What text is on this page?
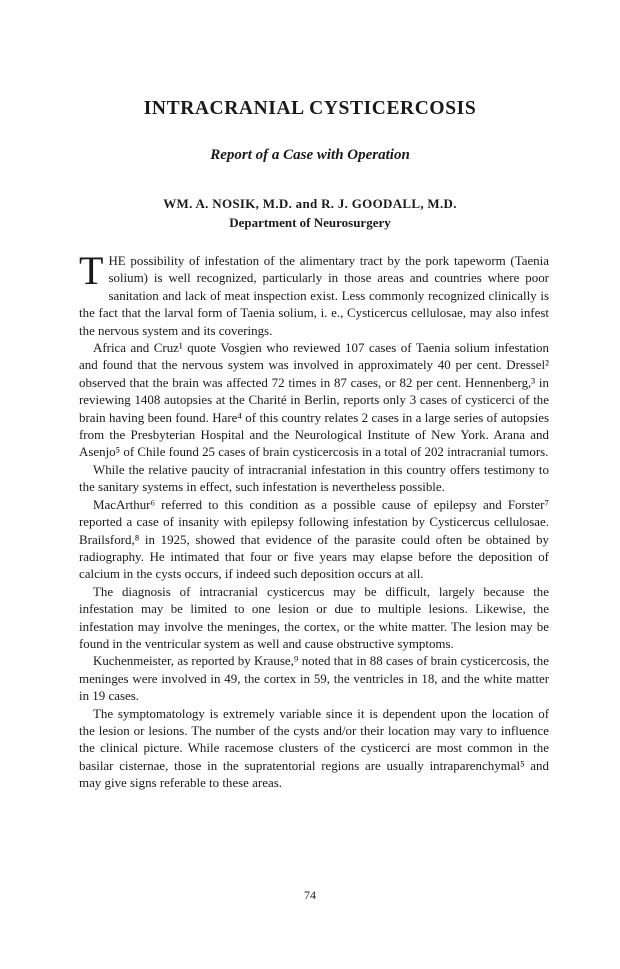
INTRACRANIAL CYSTICERCOSIS
Report of a Case with Operation
WM. A. NOSIK, M.D. and R. J. GOODALL, M.D.
Department of Neurosurgery

THE possibility of infestation of the alimentary tract by the pork tapeworm (Taenia solium) is well recognized, particularly in those areas and countries where poor sanitation and lack of meat inspection exist. Less commonly recognized clinically is the fact that the larval form of Taenia solium, i. e., Cysticercus cellulosae, may also infest the nervous system and its coverings.

Africa and Cruz¹ quote Vosgien who reviewed 107 cases of Taenia solium infestation and found that the nervous system was involved in approximately 40 per cent. Dressel² observed that the brain was affected 72 times in 87 cases, or 82 per cent. Hennenberg,³ in reviewing 1408 autopsies at the Charité in Berlin, reports only 3 cases of cysticerci of the brain having been found. Hare⁴ of this country relates 2 cases in a large series of autopsies from the Presbyterian Hospital and the Neurological Institute of New York. Arana and Asenjo⁵ of Chile found 25 cases of brain cysticercosis in a total of 202 intracranial tumors.

While the relative paucity of intracranial infestation in this country offers testimony to the sanitary systems in effect, such infestation is nevertheless possible.

MacArthur⁶ referred to this condition as a possible cause of epilepsy and Forster⁷ reported a case of insanity with epilepsy following infestation by Cysticercus cellulosae. Brailsford,⁸ in 1925, showed that evidence of the parasite could often be obtained by radiography. He intimated that four or five years may elapse before the deposition of calcium in the cysts occurs, if indeed such deposition occurs at all.

The diagnosis of intracranial cysticercus may be difficult, largely because the infestation may be limited to one lesion or due to multiple lesions. Likewise, the infestation may involve the meninges, the cortex, or the white matter. The lesion may be found in the ventricular system as well and cause obstructive symptoms.

Kuchenmeister, as reported by Krause,⁹ noted that in 88 cases of brain cysticercosis, the meninges were involved in 49, the cortex in 59, the ventricles in 18, and the white matter in 19 cases.

The symptomatology is extremely variable since it is dependent upon the location of the lesion or lesions. The number of the cysts and/or their location may vary to influence the clinical picture. While racemose clusters of the cysticerci are most common in the basilar cisternae, those in the supratentorial regions are usually intraparenchymal⁵ and may give signs referable to these areas.

74
